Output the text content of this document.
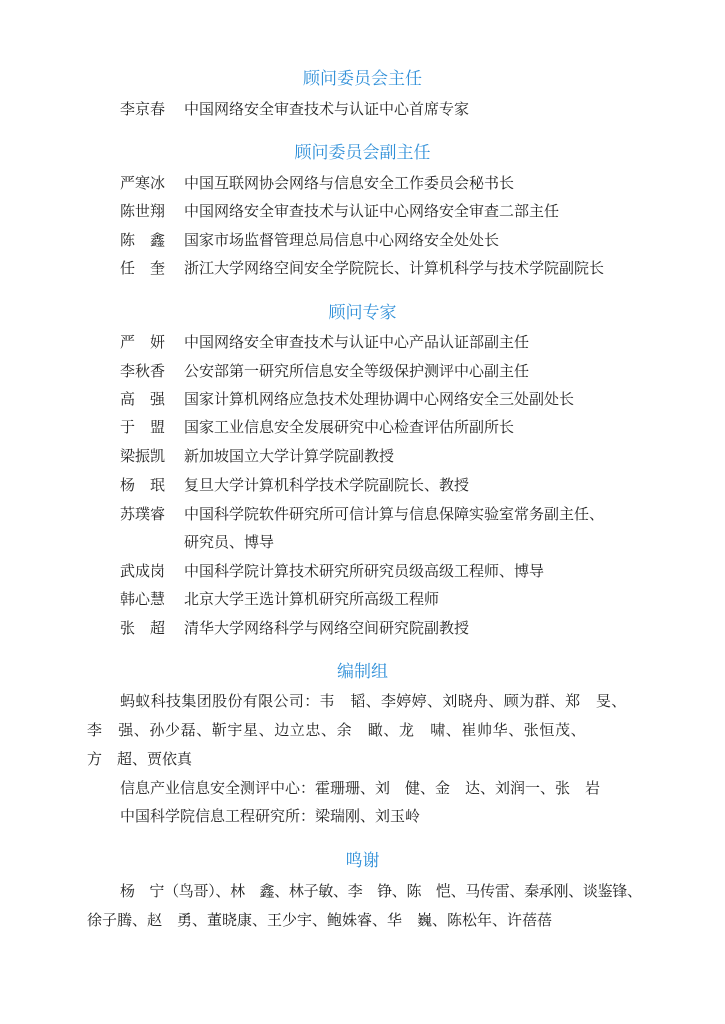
顾问委员会主任
李京春	中国网络安全审查技术与认证中心首席专家
顾问委员会副主任
严寒冰	中国互联网协会网络与信息安全工作委员会秘书长
陈世翔	中国网络安全审查技术与认证中心网络安全审查二部主任
陈　鑫	国家市场监督管理总局信息中心网络安全处处长
任　奎	浙江大学网络空间安全学院院长、计算机科学与技术学院副院长
顾问专家
严　妍	中国网络安全审查技术与认证中心产品认证部副主任
李秋香	公安部第一研究所信息安全等级保护测评中心副主任
高　强	国家计算机网络应急技术处理协调中心网络安全三处副处长
于　盟	国家工业信息安全发展研究中心检查评估所副所长
梁振凯	新加坡国立大学计算学院副教授
杨　珉	复旦大学计算机科学技术学院副院长、教授
苏璞睿	中国科学院软件研究所可信计算与信息保障实验室常务副主任、
研究员、博导
武成岗	中国科学院计算技术研究所研究员级高级工程师、博导
韩心慧	北京大学王选计算机研究所高级工程师
张　超	清华大学网络科学与网络空间研究院副教授
编制组
蚂蚁科技集团股份有限公司：韦　韬、李婷婷、刘晓舟、顾为群、郑　旻、
李　强、孙少磊、靳宇星、边立忠、余　瞰、龙　啸、崔帅华、张恒茂、
方　超、贾依真
信息产业信息安全测评中心：霍珊珊、刘　健、金　达、刘润一、张　岩
中国科学院信息工程研究所：梁瑞刚、刘玉岭
鸣谢
杨　宁（鸟哥）、林　鑫、林子敏、李　铮、陈　恺、马传雷、秦承刚、谈鉴锋、
徐子腾、赵　勇、董晓康、王少宇、鲍姝睿、华　巍、陈松年、许蓓蓓
